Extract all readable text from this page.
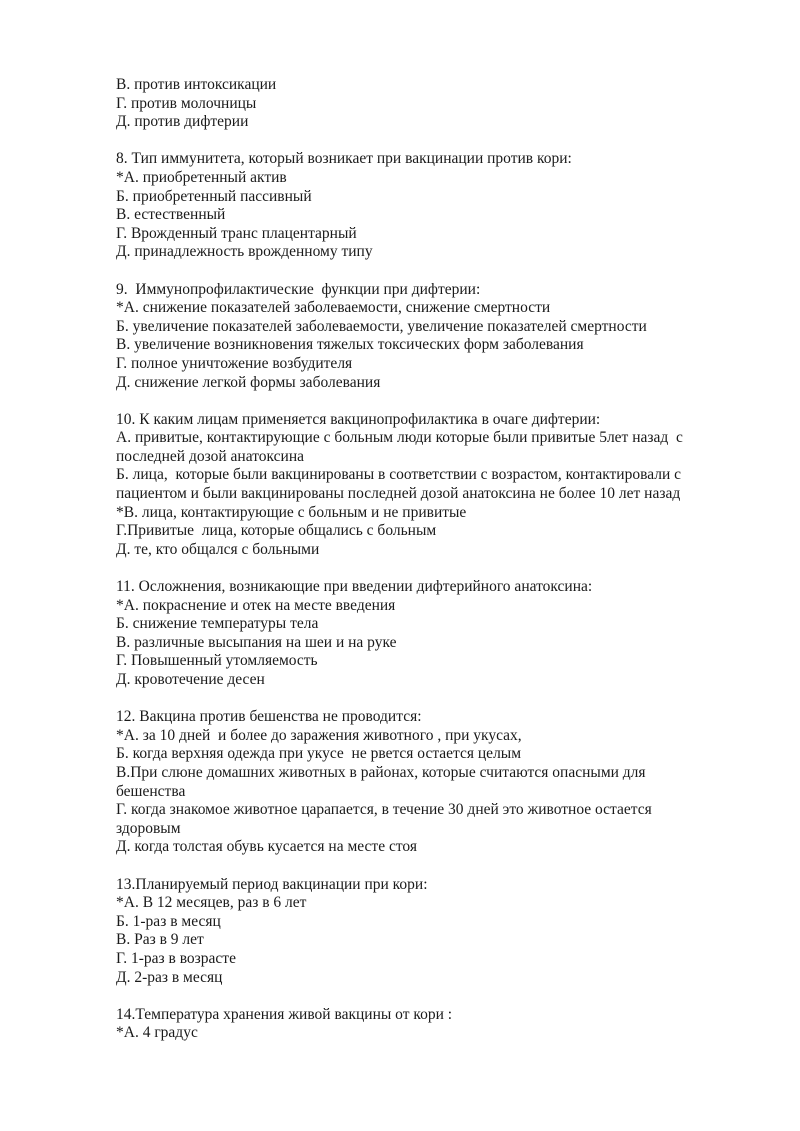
В. против интоксикации

Г. против молочницы

Д. против дифтерии

8. Тип иммунитета, который возникает при вакцинации против кори:

*А. приобретенный актив

Б. приобретенный пассивный

В. естественный

Г. Врожденный транс плацентарный

Д. принадлежность врожденному типу

9.  Иммунопрофилактические  функции при дифтерии:

*А. снижение показателей заболеваемости, снижение смертности

Б. увеличение показателей заболеваемости, увеличение показателей смертности

В. увеличение возникновения тяжелых токсических форм заболевания

Г. полное уничтожение возбудителя

Д. снижение легкой формы заболевания

10. К каким лицам применяется вакцинопрофилактика в очаге дифтерии:

А. привитые, контактирующие с больным люди которые были привитые 5лет назад  с последней дозой анатоксина

Б. лица,  которые были вакцинированы в соответствии с возрастом, контактировали с пациентом и были вакцинированы последней дозой анатоксина не более 10 лет назад

*В. лица, контактирующие с больным и не привитые

Г.Привитые  лица, которые общались с больным

Д. те, кто общался с больными

11. Осложнения, возникающие при введении дифтерийного анатоксина:

*А. покраснение и отек на месте введения

Б. снижение температуры тела

В. различные высыпания на шеи и на руке

Г. Повышенный утомляемость

Д. кровотечение десен

12. Вакцина против бешенства не проводится:

*А. за 10 дней  и более до заражения животного , при укусах,

Б. когда верхняя одежда при укусе  не рвется остается целым

В.При слюне домашних животных в районах, которые считаются опасными для бешенства

Г. когда знакомое животное царапается, в течение 30 дней это животное остается здоровым

Д. когда толстая обувь кусается на месте стоя

13.Планируемый период вакцинации при кори:

*А. В 12 месяцев, раз в 6 лет

Б. 1-раз в месяц

В. Раз в 9 лет

Г. 1-раз в возрасте

Д. 2-раз в месяц

14.Температура хранения живой вакцины от кори :

*А. 4 градус
